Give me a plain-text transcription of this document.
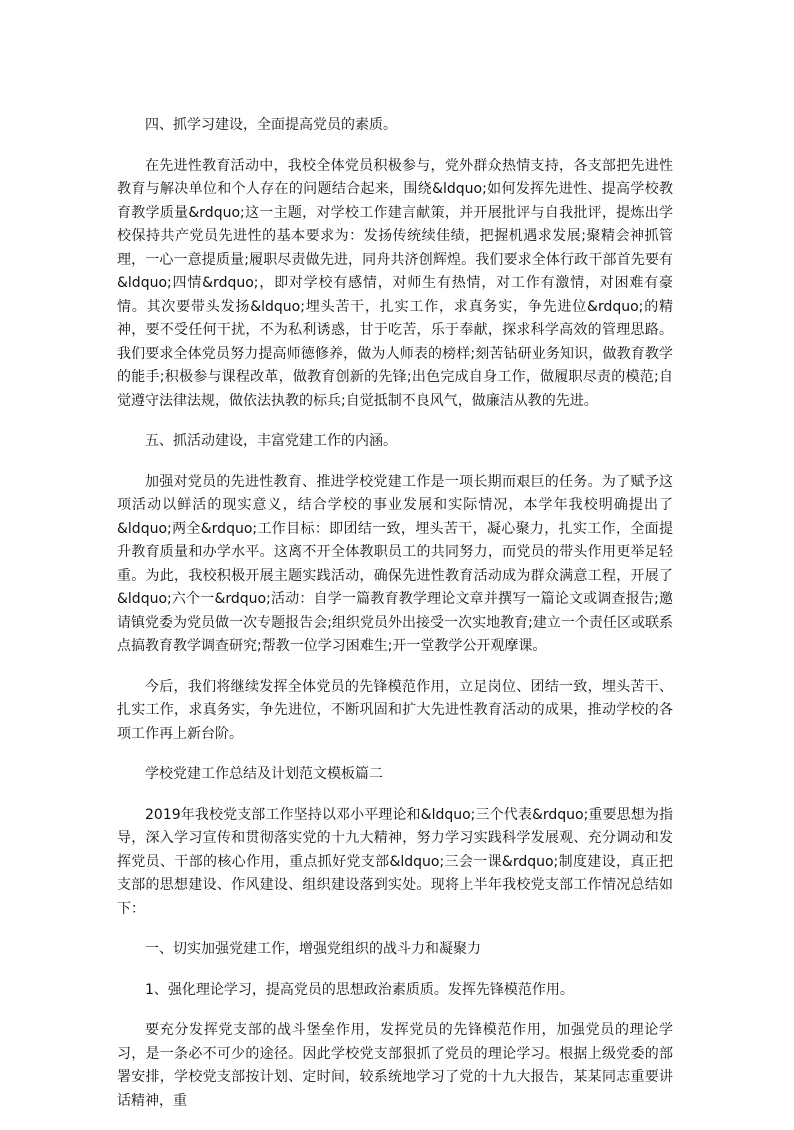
四、抓学习建设，全面提高党员的素质。

在先进性教育活动中，我校全体党员积极参与，党外群众热情支持，各支部把先进性教育与解决单位和个人存在的问题结合起来，围绕&ldquo;如何发挥先进性、提高学校教育教学质量&rdquo;这一主题，对学校工作建言献策，并开展批评与自我批评，提炼出学校保持共产党员先进性的基本要求为：发扬传统续佳绩，把握机遇求发展;聚精会神抓管理，一心一意提质量;履职尽责做先进，同舟共济创辉煌。我们要求全体行政干部首先要有&ldquo;四情&rdquo;，即对学校有感情，对师生有热情，对工作有激情，对困难有豪情。其次要带头发扬&ldquo;埋头苦干，扎实工作，求真务实，争先进位&rdquo;的精神，要不受任何干扰，不为私利诱惑，甘于吃苦，乐于奉献，探求科学高效的管理思路。我们要求全体党员努力提高师德修养，做为人师表的榜样;刻苦钻研业务知识，做教育教学的能手;积极参与课程改革，做教育创新的先锋;出色完成自身工作，做履职尽责的模范;自觉遵守法律法规，做依法执教的标兵;自觉抵制不良风气，做廉洁从教的先进。

五、抓活动建设，丰富党建工作的内涵。

加强对党员的先进性教育、推进学校党建工作是一项长期而艰巨的任务。为了赋予这项活动以鲜活的现实意义，结合学校的事业发展和实际情况，本学年我校明确提出了&ldquo;两全&rdquo;工作目标：即团结一致，埋头苦干，凝心聚力，扎实工作，全面提升教育质量和办学水平。这离不开全体教职员工的共同努力，而党员的带头作用更举足轻重。为此，我校积极开展主题实践活动，确保先进性教育活动成为群众满意工程，开展了&ldquo;六个一&rdquo;活动：自学一篇教育教学理论文章并撰写一篇论文或调查报告;邀请镇党委为党员做一次专题报告会;组织党员外出接受一次实地教育;建立一个责任区或联系点搞教育教学调查研究;帮教一位学习困难生;开一堂教学公开观摩课。

今后，我们将继续发挥全体党员的先锋模范作用，立足岗位、团结一致，埋头苦干、扎实工作，求真务实，争先进位，不断巩固和扩大先进性教育活动的成果，推动学校的各项工作再上新台阶。

学校党建工作总结及计划范文模板篇二

2019年我校党支部工作坚持以邓小平理论和&ldquo;三个代表&rdquo;重要思想为指导，深入学习宣传和贯彻落实党的十九大精神，努力学习实践科学发展观、充分调动和发挥党员、干部的核心作用，重点抓好党支部&ldquo;三会一课&rdquo;制度建设，真正把支部的思想建设、作风建设、组织建设落到实处。现将上半年我校党支部工作情况总结如下：

一、切实加强党建工作，增强党组织的战斗力和凝聚力

1、强化理论学习，提高党员的思想政治素质质。发挥先锋模范作用。

要充分发挥党支部的战斗堡垒作用，发挥党员的先锋模范作用，加强党员的理论学习，是一条必不可少的途径。因此学校党支部狠抓了党员的理论学习。根据上级党委的部署安排，学校党支部按计划、定时间，较系统地学习了党的十九大报告，某某同志重要讲话精神，重
